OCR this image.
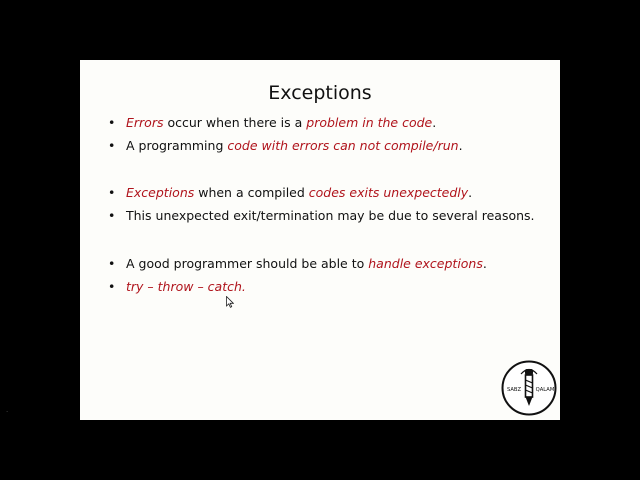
Exceptions
• Errors occur when there is a problem in the code.
• A programming code with errors can not compile/run.
• Exceptions when a compiled codes exits unexpectedly.
• This unexpected exit/termination may be due to several reasons.
• A good programmer should be able to handle exceptions.
• try – throw – catch.
SABZ	QALAM
·
